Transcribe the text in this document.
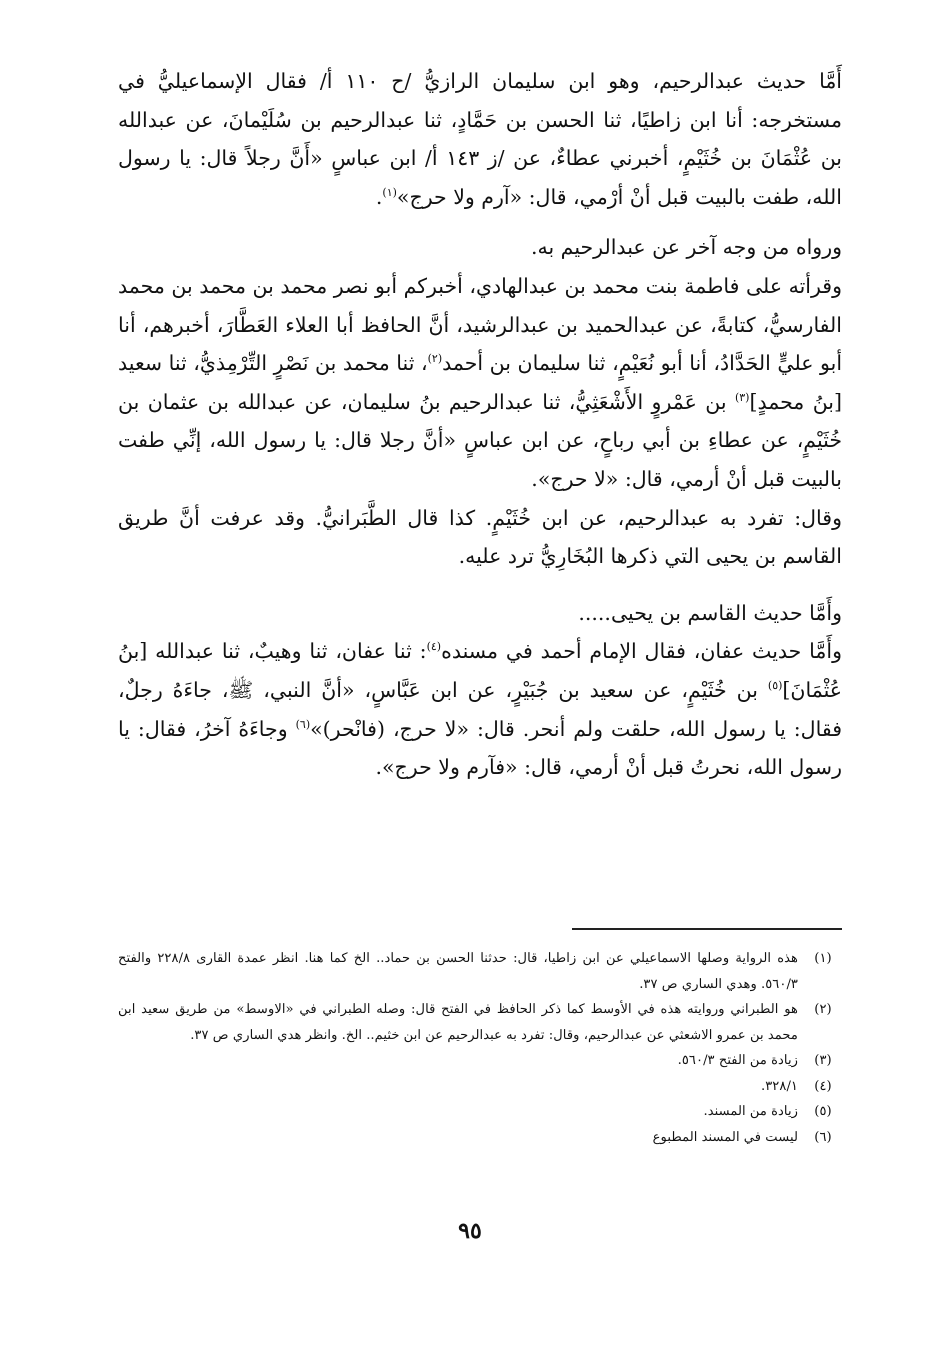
أَمَّا حديث عبدالرحيم، وهو ابن سليمان الرازيُّ /ح ١١٠ أ/ فقال الإسماعيليُّ في مستخرجه: أنا ابن زاطيًا، ثنا الحسن بن حَمَّادٍ، ثنا عبدالرحيم بن سُلَيْمانَ، عن عبدالله بن عُثْمَانَ بن خُثَيْمٍ، أخبرني عطاءٌ، عن /ز ١٤٣ أ/ ابن عباسٍ «أَنَّ رجلاً قال: يا رسول الله، طفت بالبيت قبل أنْ أرْمي، قال: «آرم ولا حرج»$^{(١)}$.

ورواه من وجه آخر عن عبدالرحيم به.

وقرأته على فاطمة بنت محمد بن عبدالهادي، أخبركم أبو نصر محمد بن محمد بن محمد الفارسيُّ، كتابةً، عن عبدالحميد بن عبدالرشيد، أنَّ الحافظ أبا العلاء العَطَّارَ، أخبرهم، أنا أبو عليٍّ الحَدَّادُ، أنا أبو نُعَيْمٍ، ثنا سليمان بن أحمد$^{(٢)}$، ثنا محمد بن نَصْرٍ التِّرْمِذيُّ، ثنا سعيد [بنُ محمدٍ]$^{(٣)}$ بن عَمْروٍ الأَشْعَثِيُّ، ثنا عبدالرحيم بنُ سليمان، عن عبدالله بن عثمان بن خُثَيْمٍ، عن عطاءِ بن أبي رباحٍ، عن ابن عباسٍ «أنَّ رجلا قال: يا رسول الله، إنِّي طفت بالبيت قبل أنْ أرمي، قال: «لا حرج».

وقال: تفرد به عبدالرحيم، عن ابن خُثَيْمٍ. كذا قال الطَّبَرانيُّ. وقد عرفت أنَّ طريق القاسم بن يحيى التي ذكرها البُخَارِيُّ ترد عليه.

وأَمَّا حديث القاسم بن يحيى.....

وأَمَّا حديث عفان، فقال الإمام أحمد في مسنده$^{(٤)}$: ثنا عفان، ثنا وهيبٌ، ثنا عبدالله [بنُ عُثْمَانَ]$^{(٥)}$ بن خُثَيْمٍ، عن سعيد بن جُبَيْرٍ، عن ابن عَبَّاسٍ، «أنَّ النبي، ﷺ، جاءَهُ رجلٌ، فقال: يا رسول الله، حلقت ولم أنحر. قال: «لا حرج، (فانْحر)»$^{(٦)}$ وجاءَهُ آخرُ، فقال: يا رسول الله، نحرتُ قبل أنْ أرمي، قال: «فآرم ولا حرج».

(١)
هذه الرواية وصلها الاسماعيلي عن ابن زاطيا، قال: حدثنا الحسن بن حماد.. الخ كما هنا. انظر عمدة القارى ٢٢٨/٨ والفتح ٥٦٠/٣. وهدي الساري ص ٣٧.
(٢)
هو الطبراني وروايته هذه في الأوسط كما ذكر الحافظ في الفتح قال: وصله الطبراني في «الاوسط» من طريق سعيد ابن محمد بن عمرو الاشعثي عن عبدالرحيم، وقال: تفرد به عبدالرحيم عن ابن خثيم.. الخ. وانظر هدي الساري ص ٣٧.
(٣)
زيادة من الفتح ٥٦٠/٣.
(٤)
٣٢٨/١.
(٥)
زيادة من المسند.
(٦)
ليست في المسند المطبوع
٩٥
